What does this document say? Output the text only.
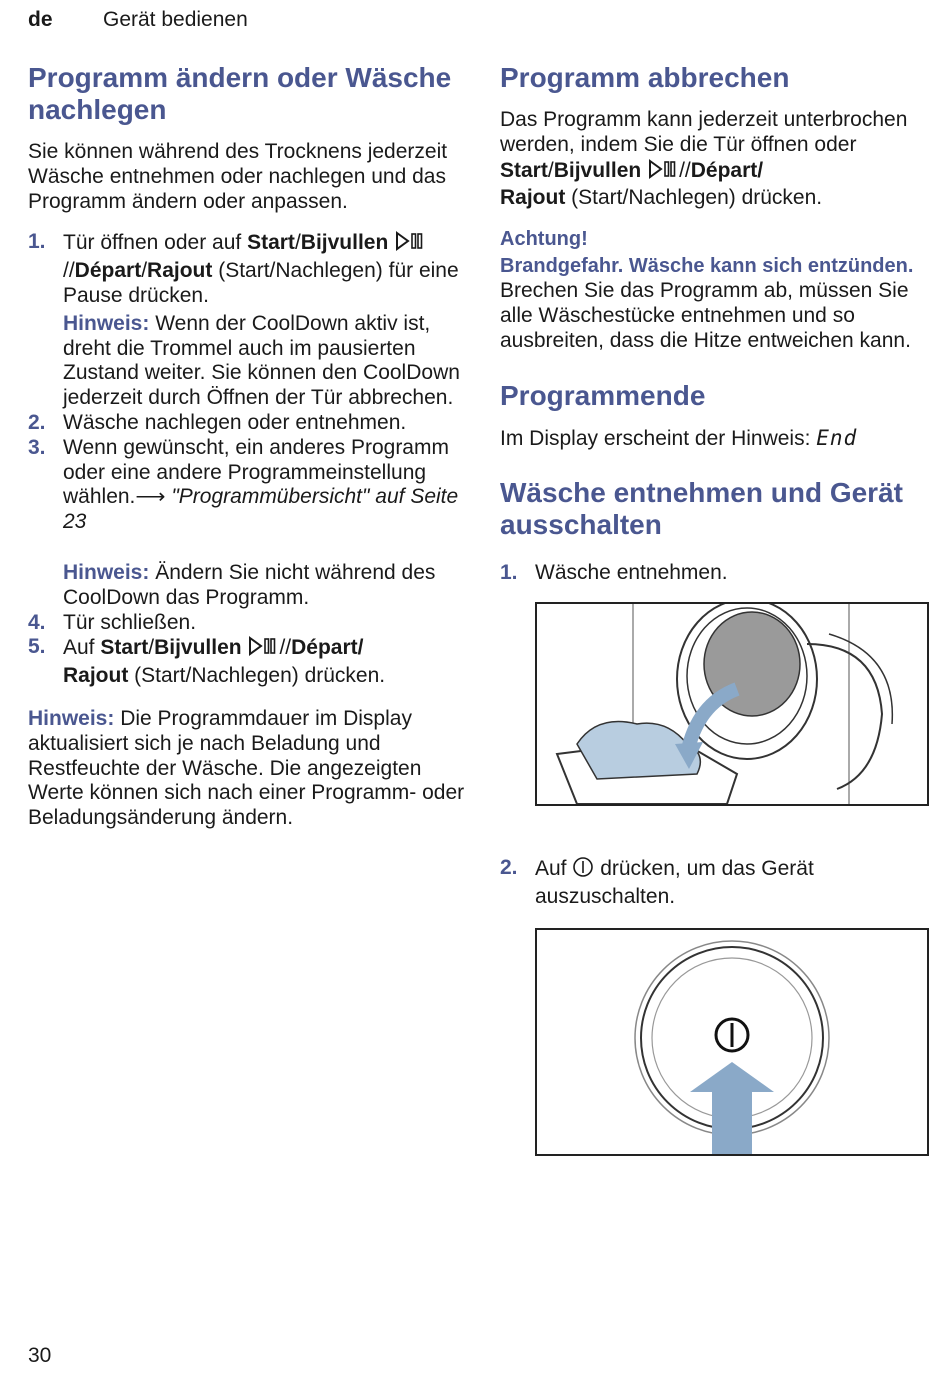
de Gerät bedienen
Programm ändern oder Wäsche nachlegen

Sie können während des Trocknens jederzeit Wäsche entnehmen oder nachlegen und das Programm ändern oder anpassen.

1. Tür öffnen oder auf Start/Bijvullen //Départ/Rajout (Start/Nachlegen) für eine Pause drücken.
Hinweis: Wenn der CoolDown aktiv ist, dreht die Trommel auch im pausierten Zustand weiter. Sie können den CoolDown jederzeit durch Öffnen der Tür abbrechen.
2. Wäsche nachlegen oder entnehmen.
3. Wenn gewünscht, ein anderes Programm oder eine andere Programmeinstellung wählen.⟶ "Programmübersicht" auf Seite 23
Hinweis: Ändern Sie nicht während des CoolDown das Programm.
4. Tür schließen.
5. Auf Start/Bijvullen //Départ/
Rajout (Start/Nachlegen) drücken.

Hinweis: Die Programmdauer im Display aktualisiert sich je nach Beladung und Restfeuchte der Wäsche. Die angezeigten Werte können sich nach einer Programm- oder Beladungsänderung ändern.

Programm abbrechen

Das Programm kann jederzeit unterbrochen werden, indem Sie die Tür öffnen oder Start/Bijvullen //Départ/
Rajout (Start/Nachlegen) drücken.

Achtung!
Brandgefahr. Wäsche kann sich entzünden.

Brechen Sie das Programm ab, müssen Sie alle Wäschestücke entnehmen und so ausbreiten, dass die Hitze entweichen kann.

Programmende

Im Display erscheint der Hinweis: End

Wäsche entnehmen und Gerät ausschalten
1. Wäsche entnehmen.
2. Auf  drücken, um das Gerät auszuschalten.
30
